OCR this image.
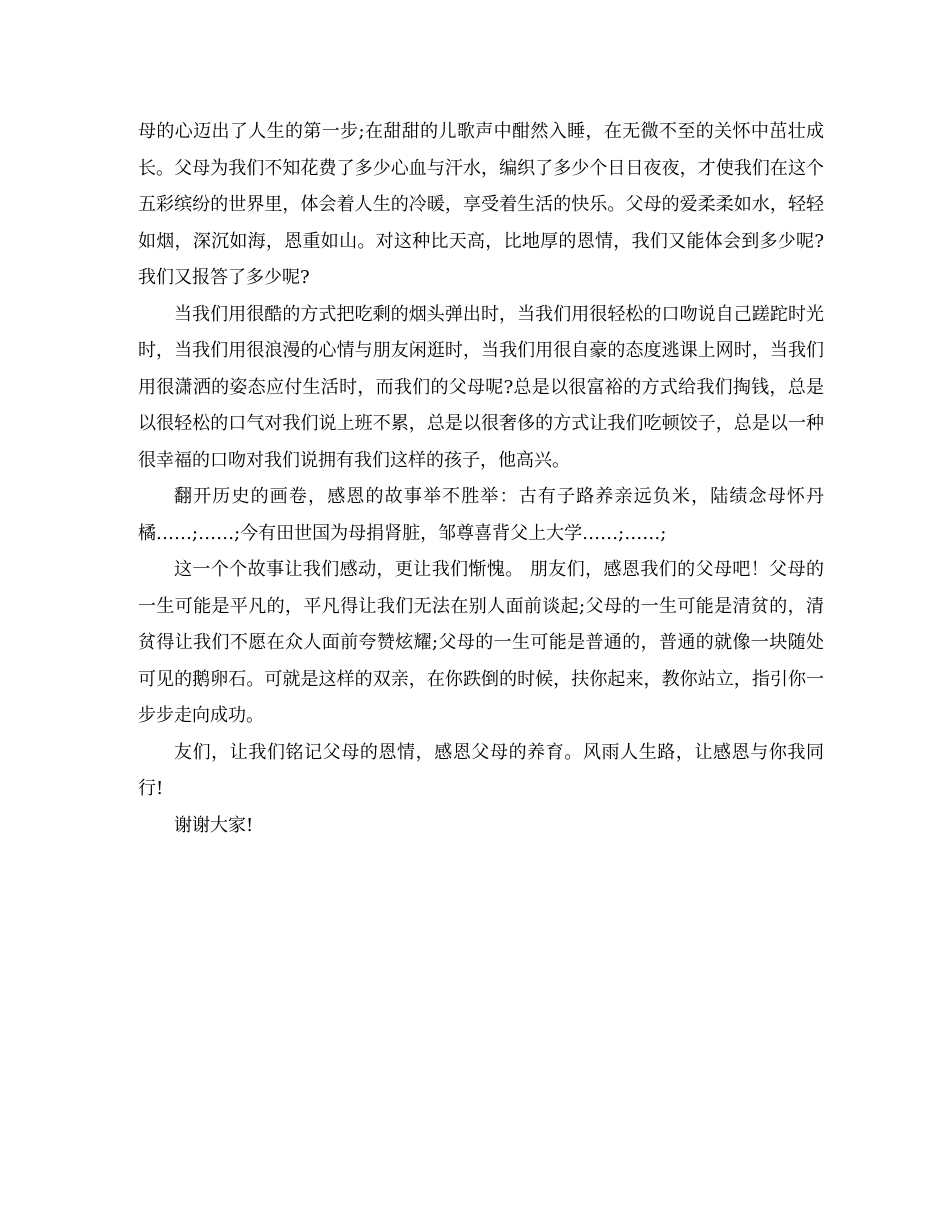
母的心迈出了人生的第一步;在甜甜的儿歌声中酣然入睡，在无微不至的关怀中茁壮成长。父母为我们不知花费了多少心血与汗水，编织了多少个日日夜夜，才使我们在这个五彩缤纷的世界里，体会着人生的冷暖，享受着生活的快乐。父母的爱柔柔如水，轻轻如烟，深沉如海，恩重如山。对这种比天高，比地厚的恩情，我们又能体会到多少呢?我们又报答了多少呢?

当我们用很酷的方式把吃剩的烟头弹出时，当我们用很轻松的口吻说自己蹉跎时光时，当我们用很浪漫的心情与朋友闲逛时，当我们用很自豪的态度逃课上网时，当我们用很潇洒的姿态应付生活时，而我们的父母呢?总是以很富裕的方式给我们掏钱，总是以很轻松的口气对我们说上班不累，总是以很奢侈的方式让我们吃顿饺子，总是以一种很幸福的口吻对我们说拥有我们这样的孩子，他高兴。

翻开历史的画卷，感恩的故事举不胜举：古有子路养亲远负米，陆绩念母怀丹橘……;……;今有田世国为母捐肾脏，邹尊喜背父上大学……;……;

这一个个故事让我们感动，更让我们惭愧。 朋友们，感恩我们的父母吧！父母的一生可能是平凡的，平凡得让我们无法在别人面前谈起;父母的一生可能是清贫的，清贫得让我们不愿在众人面前夸赞炫耀;父母的一生可能是普通的，普通的就像一块随处可见的鹅卵石。可就是这样的双亲，在你跌倒的时候，扶你起来，教你站立，指引你一步步走向成功。

友们，让我们铭记父母的恩情，感恩父母的养育。风雨人生路，让感恩与你我同行!

谢谢大家!
